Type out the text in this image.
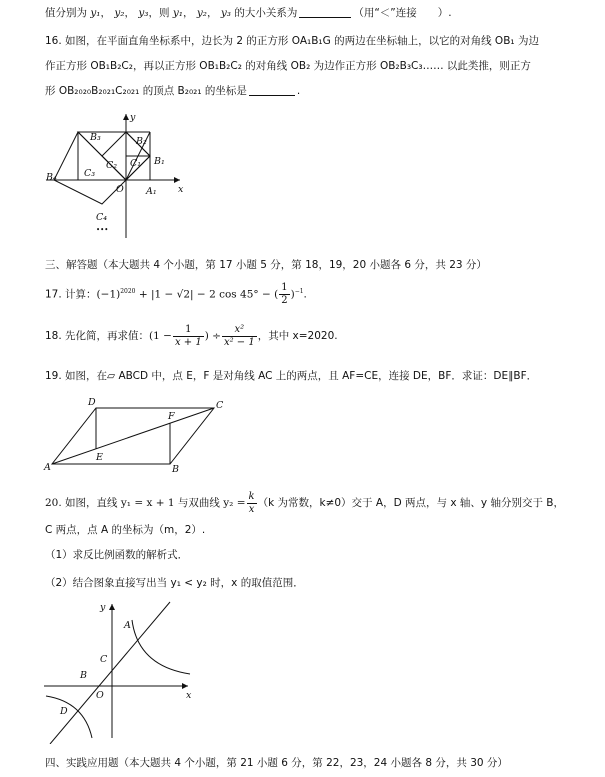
值分别为 y₁， y₂， y₃，则 y₁， y₂， y₃ 的大小关系为	（用“＜”连接　　）.
16. 如图，在平面直角坐标系中，边长为 2 的正方形 OA₁B₁G 的两边在坐标轴上，以它的对角线 OB₁ 为边
作正方形 OB₁B₂C₂，再以正方形 OB₁B₂C₂ 的对角线 OB₂ 为边作正方形 OB₂B₃C₃…… 以此类推，则正方
形 OB₂₀₂₀B₂₀₂₁C₂₀₂₁ 的顶点 B₂₀₂₁ 的坐标是	.
y
x
B₃	B₂
B₁
B₄	C₃
C₂ C₁
O A₁
C₄
•••
三、解答题（本大题共 4 个小题，第 17 小题 5 分，第 18，19，20 小题各 6 分，共 23 分）
17. 计算：$(-1)^{2020} + |1 - √2| - 2$ cos 45° − ( $\frac{1}{2} )^{-1}$.
18. 先化简，再求值：($1 - \frac{1}{x + 1}$ ) ÷ $\frac{\text{x²}}{\text{x² − 1}}$ ，其中 x=2020.
19. 如图，在▱ ABCD 中，点 E，F 是对角线 AC 上的两点，且 AF=CE，连接 DE，BF．求证：DE∥BF．
D
F
C
E
A	B
20. 如图，直线 y₁ = x + 1 与双曲线 $y_2 = \frac{k}{x} (k$ 为常数，k≠0）交于 A，D 两点，与 x 轴、y 轴分别交于 B，
C 两点，点 A 的坐标为（m，2）.
（1）求反比例函数的解析式．
（2）结合图象直接写出当 y₁ < y₂ 时，x 的取值范围．
y
A
C
B
O	x
D
四、实践应用题（本大题共 4 个小题，第 21 小题 6 分，第 22，23，24 小题各 8 分，共 30 分）
